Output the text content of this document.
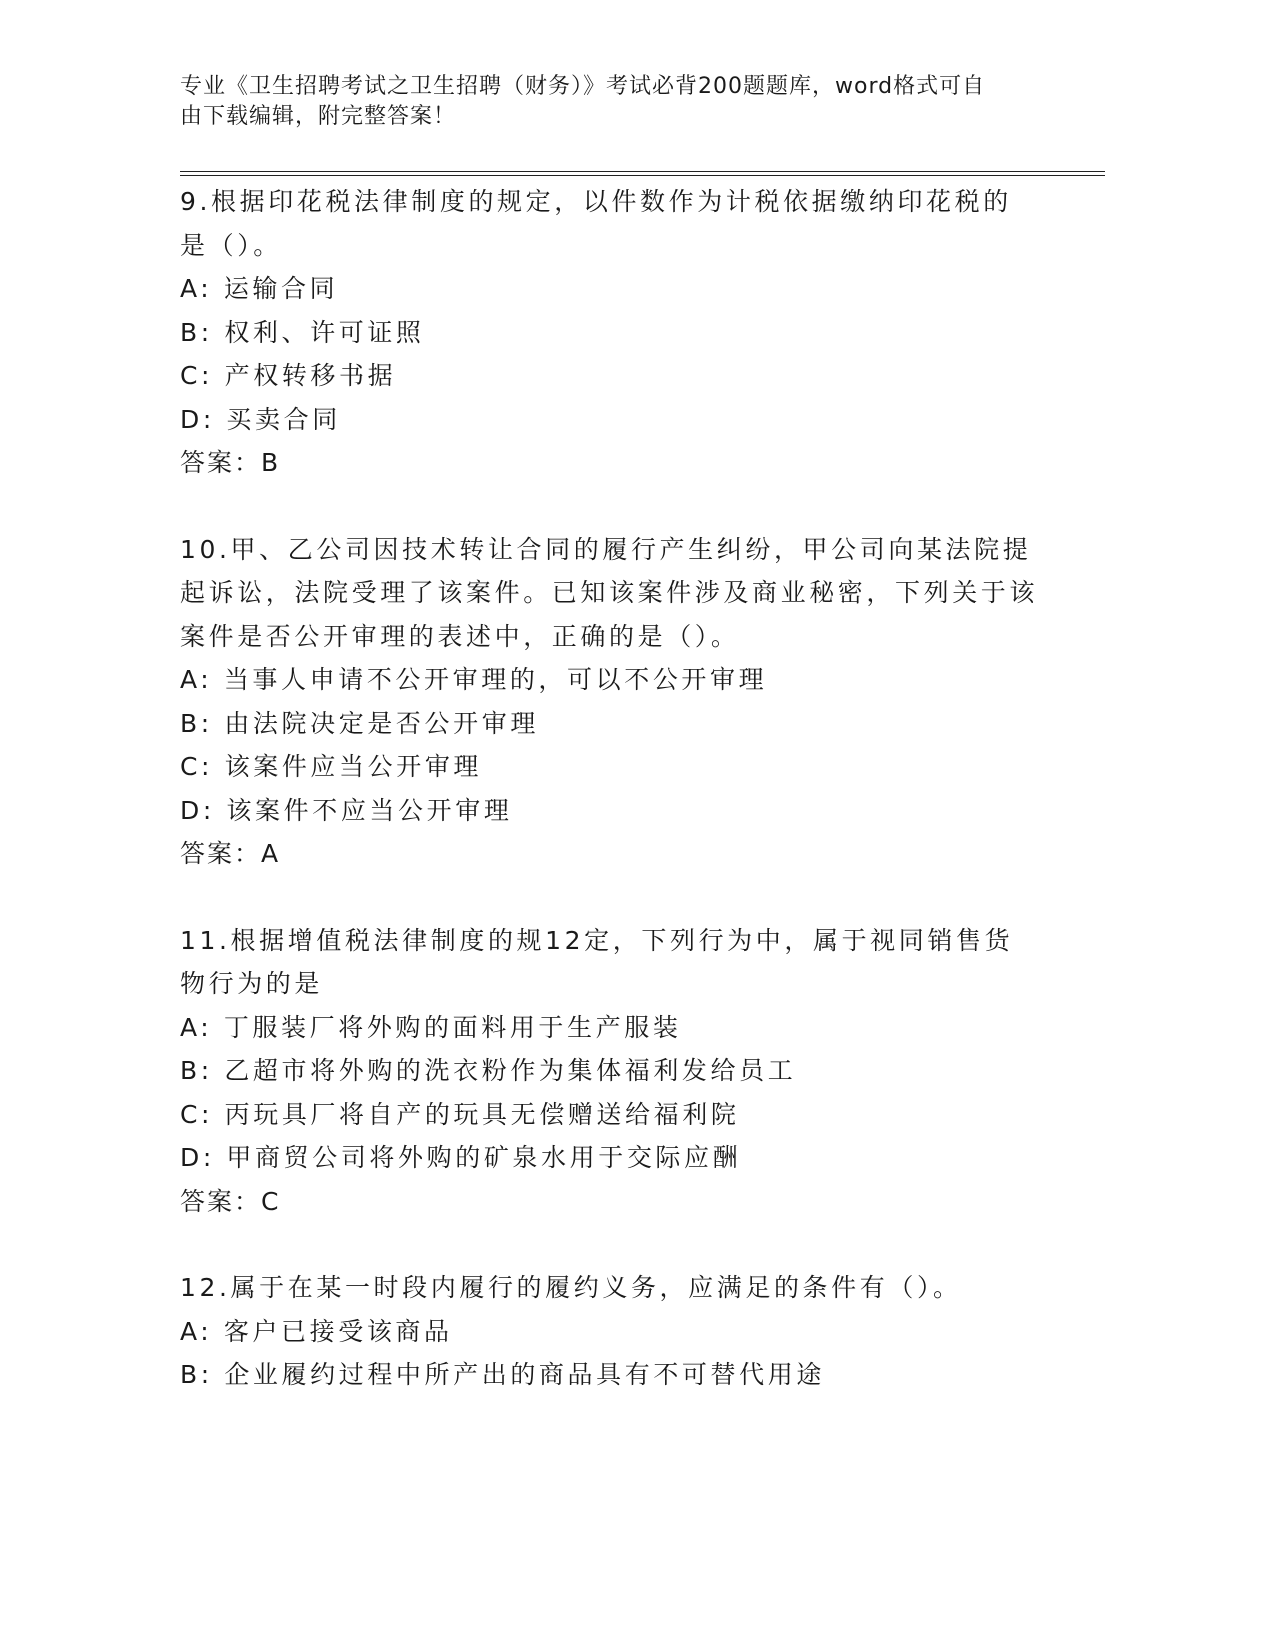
专业《卫生招聘考试之卫生招聘（财务）》考试必背200题题库，word格式可自
由下载编辑，附完整答案！
9.根据印花税法律制度的规定，以件数作为计税依据缴纳印花税的是（）。
A: 运输合同
B: 权利、许可证照
C: 产权转移书据
D: 买卖合同
答案：B
10.甲、乙公司因技术转让合同的履行产生纠纷，甲公司向某法院提起诉讼，法院受理了该案件。已知该案件涉及商业秘密，下列关于该案件是否公开审理的表述中，正确的是（）。
A: 当事人申请不公开审理的，可以不公开审理
B: 由法院决定是否公开审理
C: 该案件应当公开审理
D: 该案件不应当公开审理
答案：A
11.根据增值税法律制度的规12定，下列行为中，属于视同销售货物行为的是
A: 丁服装厂将外购的面料用于生产服装
B: 乙超市将外购的洗衣粉作为集体福利发给员工
C: 丙玩具厂将自产的玩具无偿赠送给福利院
D: 甲商贸公司将外购的矿泉水用于交际应酬
答案：C
12.属于在某一时段内履行的履约义务，应满足的条件有（）。
A: 客户已接受该商品
B: 企业履约过程中所产出的商品具有不可替代用途
